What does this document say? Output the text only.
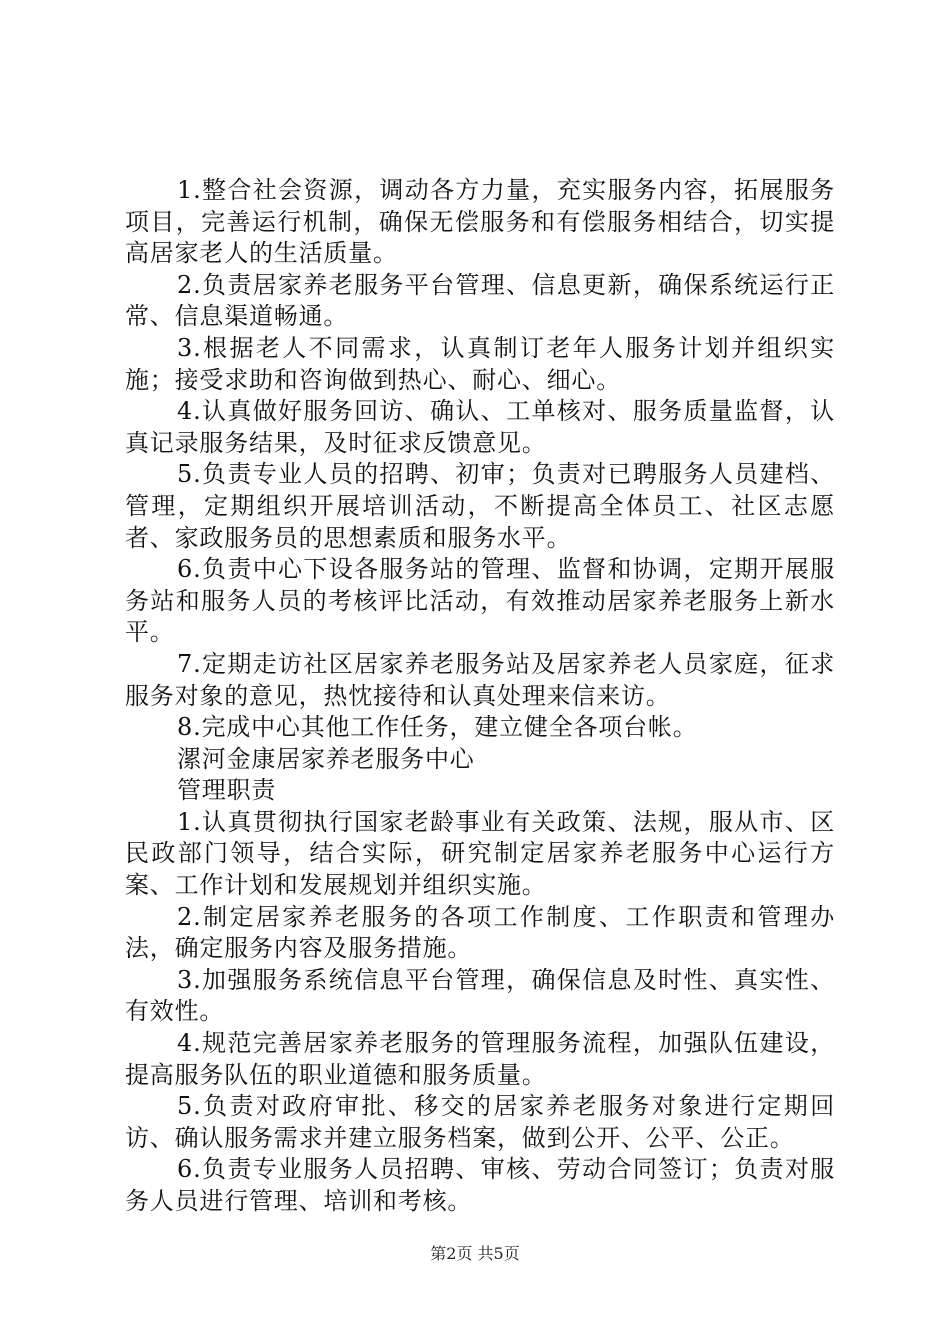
1.整合社会资源，调动各方力量，充实服务内容，拓展服务项目，完善运行机制，确保无偿服务和有偿服务相结合，切实提高居家老人的生活质量。

2.负责居家养老服务平台管理、信息更新，确保系统运行正常、信息渠道畅通。

3.根据老人不同需求，认真制订老年人服务计划并组织实施；接受求助和咨询做到热心、耐心、细心。

4.认真做好服务回访、确认、工单核对、服务质量监督，认真记录服务结果，及时征求反馈意见。

5.负责专业人员的招聘、初审；负责对已聘服务人员建档、管理，定期组织开展培训活动，不断提高全体员工、社区志愿者、家政服务员的思想素质和服务水平。

6.负责中心下设各服务站的管理、监督和协调，定期开展服务站和服务人员的考核评比活动，有效推动居家养老服务上新水平。

7.定期走访社区居家养老服务站及居家养老人员家庭，征求服务对象的意见，热忱接待和认真处理来信来访。

8.完成中心其他工作任务，建立健全各项台帐。

漯河金康居家养老服务中心

管理职责

1.认真贯彻执行国家老龄事业有关政策、法规，服从市、区民政部门领导，结合实际，研究制定居家养老服务中心运行方案、工作计划和发展规划并组织实施。

2.制定居家养老服务的各项工作制度、工作职责和管理办法，确定服务内容及服务措施。

3.加强服务系统信息平台管理，确保信息及时性、真实性、有效性。

4.规范完善居家养老服务的管理服务流程，加强队伍建设，提高服务队伍的职业道德和服务质量。

5.负责对政府审批、移交的居家养老服务对象进行定期回访、确认服务需求并建立服务档案，做到公开、公平、公正。

6.负责专业服务人员招聘、审核、劳动合同签订；负责对服务人员进行管理、培训和考核。

第2页 共5页
